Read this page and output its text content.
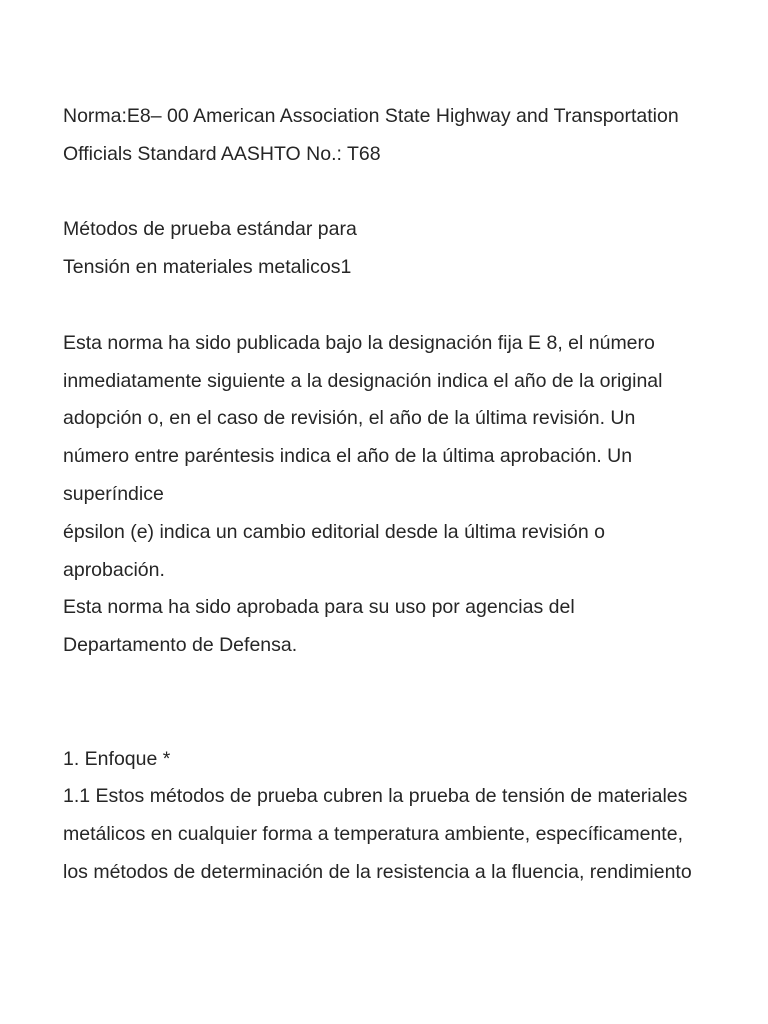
Norma:E8– 00 American Association State Highway and Transportation
Officials Standard AASHTO No.: T68
Métodos de prueba estándar para
Tensión en materiales metalicos1
Esta norma ha sido publicada bajo la designación fija E 8, el número
inmediatamente siguiente a la designación indica el año de la original
adopción o, en el caso de revisión, el año de la última revisión. Un
número entre paréntesis indica el año de la última aprobación. Un
superíndice
épsilon (e) indica un cambio editorial desde la última revisión o
aprobación.
Esta norma ha sido aprobada para su uso por agencias del
Departamento de Defensa.
1. Enfoque *
1.1 Estos métodos de prueba cubren la prueba de tensión de materiales
metálicos en cualquier forma a temperatura ambiente, específicamente,
los métodos de determinación de la resistencia a la fluencia, rendimiento
